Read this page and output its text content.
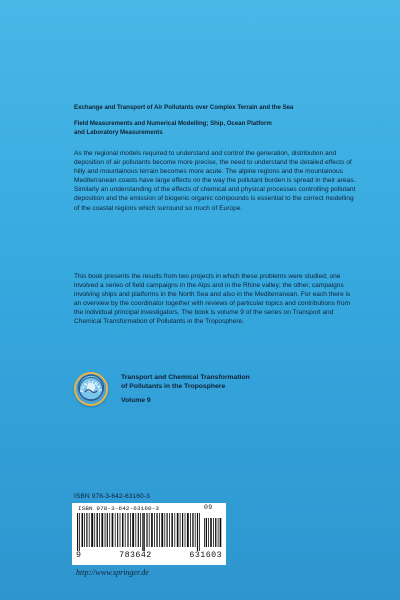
Exchange and Transport of Air Pollutants over Complex Terrain and the Sea

Field Measurements and Numerical Modelling; Ship, Ocean Platform

and Laboratory Measurements

As the regional models required to understand and control the generation, distribution and deposition of air pollutants become more precise, the need to understand the detailed effects of hilly and mountainous terrain becomes more acute. The alpine regions and the mountainous Mediterranean coasts have large effects on the way the pollutant burden is spread in their areas. Similarly an understanding of the effects of chemical and physical processes controlling pollutant deposition and the emission of biogenic organic compounds is essential to the correct modelling of the coastal regions which surround so much of Europe.

This book presents the results from two projects in which these problems were studied; one involved a series of field campaigns in the Alps and in the Rhine valley; the other, campaigns involving ships and platforms in the North Sea and also in the Mediterranean. For each there is an overview by the coordinator together with reviews of particular topics and contributions from the individual principal investigators. The book is volume 9 of the series on Transport and Chemical Transformation of Pollutants in the Troposphere.

EUROTRAC
Transport and Chemical Transformation
of Pollutants in the Troposphere
Volume 9
ISBN 978-3-642-63160-3
ISBN 978-3-642-63160-3	09
9	783642	631603
http://www.springer.de
